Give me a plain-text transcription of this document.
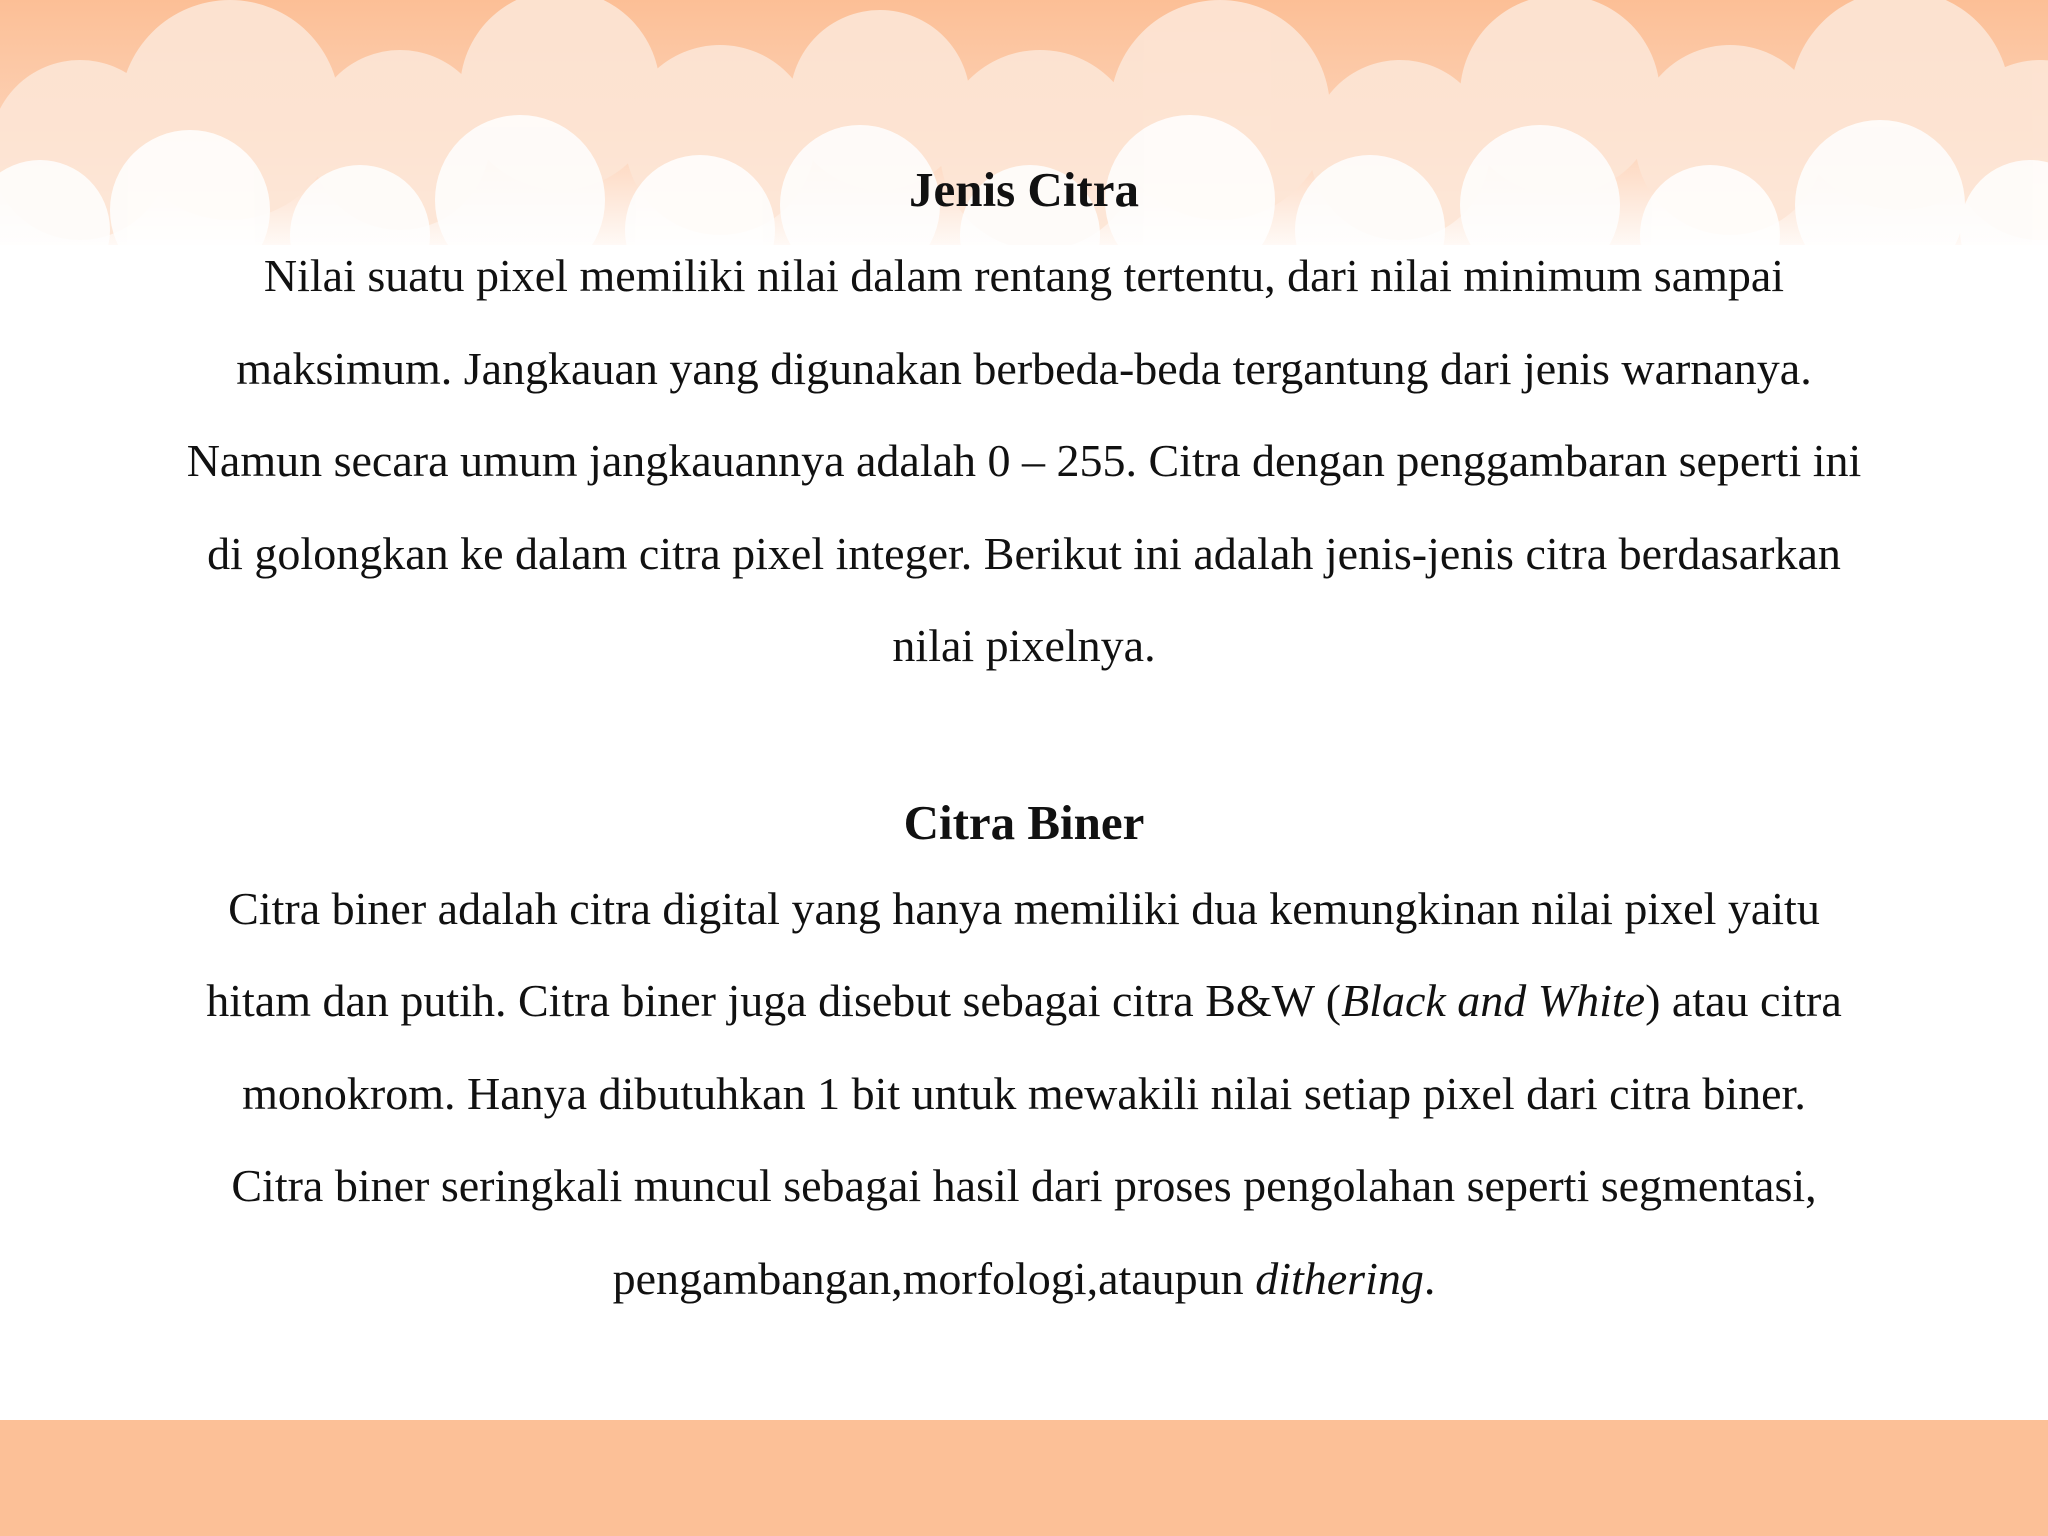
Jenis Citra

Nilai suatu pixel memiliki nilai dalam rentang tertentu, dari nilai minimum sampai
maksimum. Jangkauan yang digunakan berbeda-beda tergantung dari jenis warnanya.
Namun secara umum jangkauannya adalah 0 – 255. Citra dengan penggambaran seperti ini
di golongkan ke dalam citra pixel integer. Berikut ini adalah jenis-jenis citra berdasarkan
nilai pixelnya.

Citra Biner

Citra biner adalah citra digital yang hanya memiliki dua kemungkinan nilai pixel yaitu
hitam dan putih. Citra biner juga disebut sebagai citra B&W (Black and White) atau citra
monokrom. Hanya dibutuhkan 1 bit untuk mewakili nilai setiap pixel dari citra biner.
Citra biner seringkali muncul sebagai hasil dari proses pengolahan seperti segmentasi,
pengambangan,morfologi,ataupun dithering.
